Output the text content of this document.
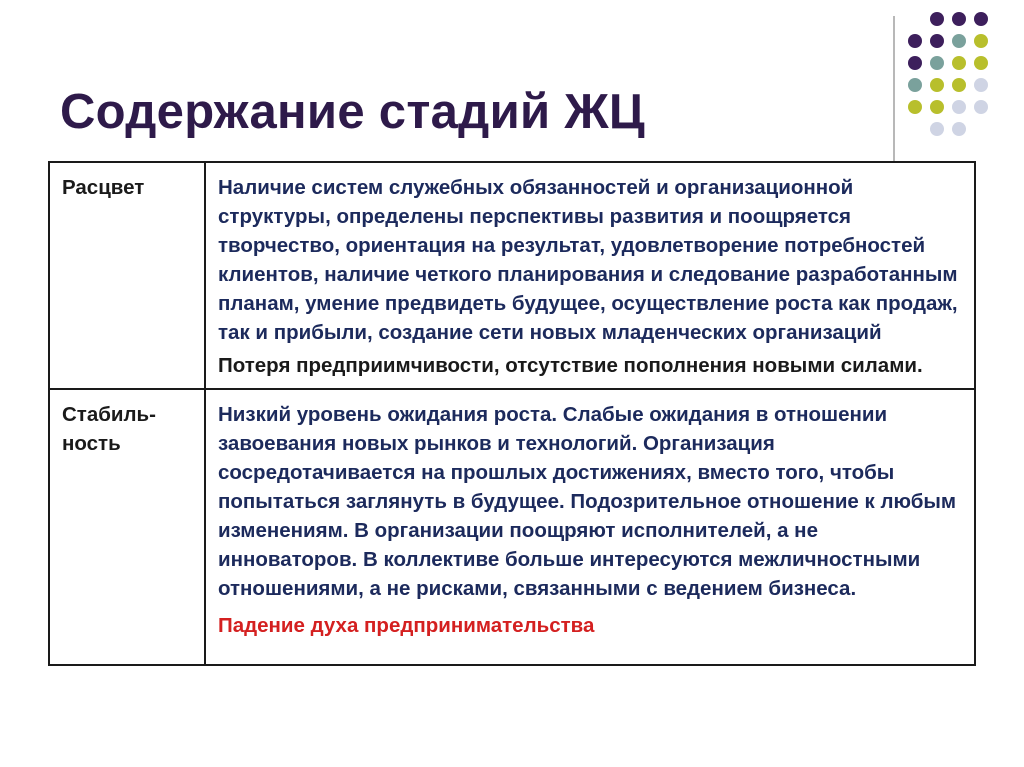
Содержание стадий ЖЦ
Расцвет	Наличие систем служебных обязанностей и организационной структуры, определены перспективы развития и поощряется творчество, ориентация на результат, удовлетворение потребностей клиентов, наличие четкого планирования и следование разработанным планам, умение предвидеть будущее, осуществление роста как продаж, так и прибыли, создание сети новых младенческих организаций

Потеря предприимчивости, отсутствие пополнения новыми силами.

Стабиль-ность	Низкий уровень ожидания роста. Слабые ожидания в отношении завоевания новых рынков и технологий. Организация сосредотачивается на прошлых достижениях, вместо того, чтобы попытаться заглянуть в будущее. Подозрительное отношение к любым изменениям. В организации поощряют исполнителей, а не инноваторов. В коллективе больше интересуются межличностными отношениями, а не рисками, связанными с ведением бизнеса.

Падение духа предпринимательства
